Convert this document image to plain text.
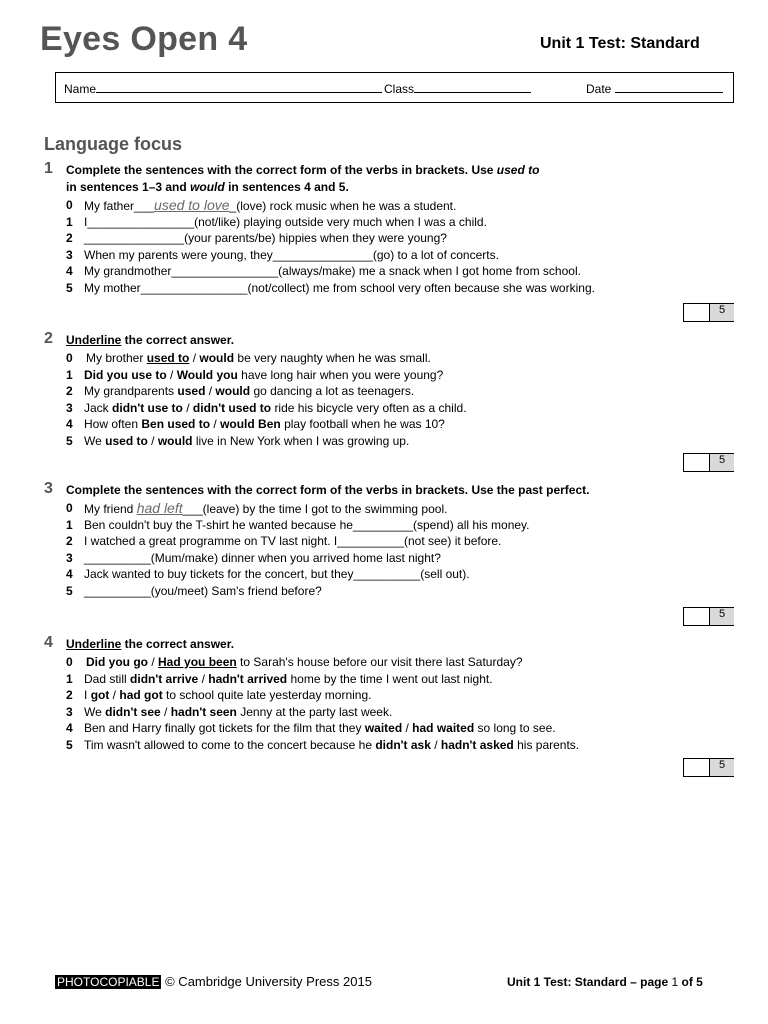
Eyes Open 4	Unit 1 Test: Standard
Name	Class	Date
Language focus
1 Complete the sentences with the correct form of the verbs in brackets. Use used to
in sentences 1–3 and would in sentences 4 and 5.
0 My father___used to love_(love) rock music when he was a student.
1 I________________(not/like) playing outside very much when I was a child.
2 _______________(your parents/be) hippies when they were young?
3 When my parents were young, they_______________(go) to a lot of concerts.
4 My grandmother________________(always/make) me a snack when I got home from school.
5 My mother________________(not/collect) me from school very often because she was working.
5
2 Underline the correct answer.
0 My brother used to / would be very naughty when he was small.
1 Did you use to / Would you have long hair when you were young?
2 My grandparents used / would go dancing a lot as teenagers.
3 Jack didn't use to / didn't used to ride his bicycle very often as a child.
4 How often Ben used to / would Ben play football when he was 10?
5 We used to / would live in New York when I was growing up.
5
3 Complete the sentences with the correct form of the verbs in brackets. Use the past perfect.
0 My friend had left___(leave) by the time I got to the swimming pool.
1 Ben couldn't buy the T-shirt he wanted because he_________(spend) all his money.
2 I watched a great programme on TV last night. I__________(not see) it before.
3 __________(Mum/make) dinner when you arrived home last night?
4 Jack wanted to buy tickets for the concert, but they__________(sell out).
5 __________(you/meet) Sam's friend before?
5
4 Underline the correct answer.
0 Did you go / Had you been to Sarah's house before our visit there last Saturday?
1 Dad still didn't arrive / hadn't arrived home by the time I went out last night.
2 I got / had got to school quite late yesterday morning.
3 We didn't see / hadn't seen Jenny at the party last week.
4 Ben and Harry finally got tickets for the film that they waited / had waited so long to see.
5 Tim wasn't allowed to come to the concert because he didn't ask / hadn't asked his parents.
5
PHOTOCOPIABLE © Cambridge University Press 2015	Unit 1 Test: Standard – page 1 of 5
